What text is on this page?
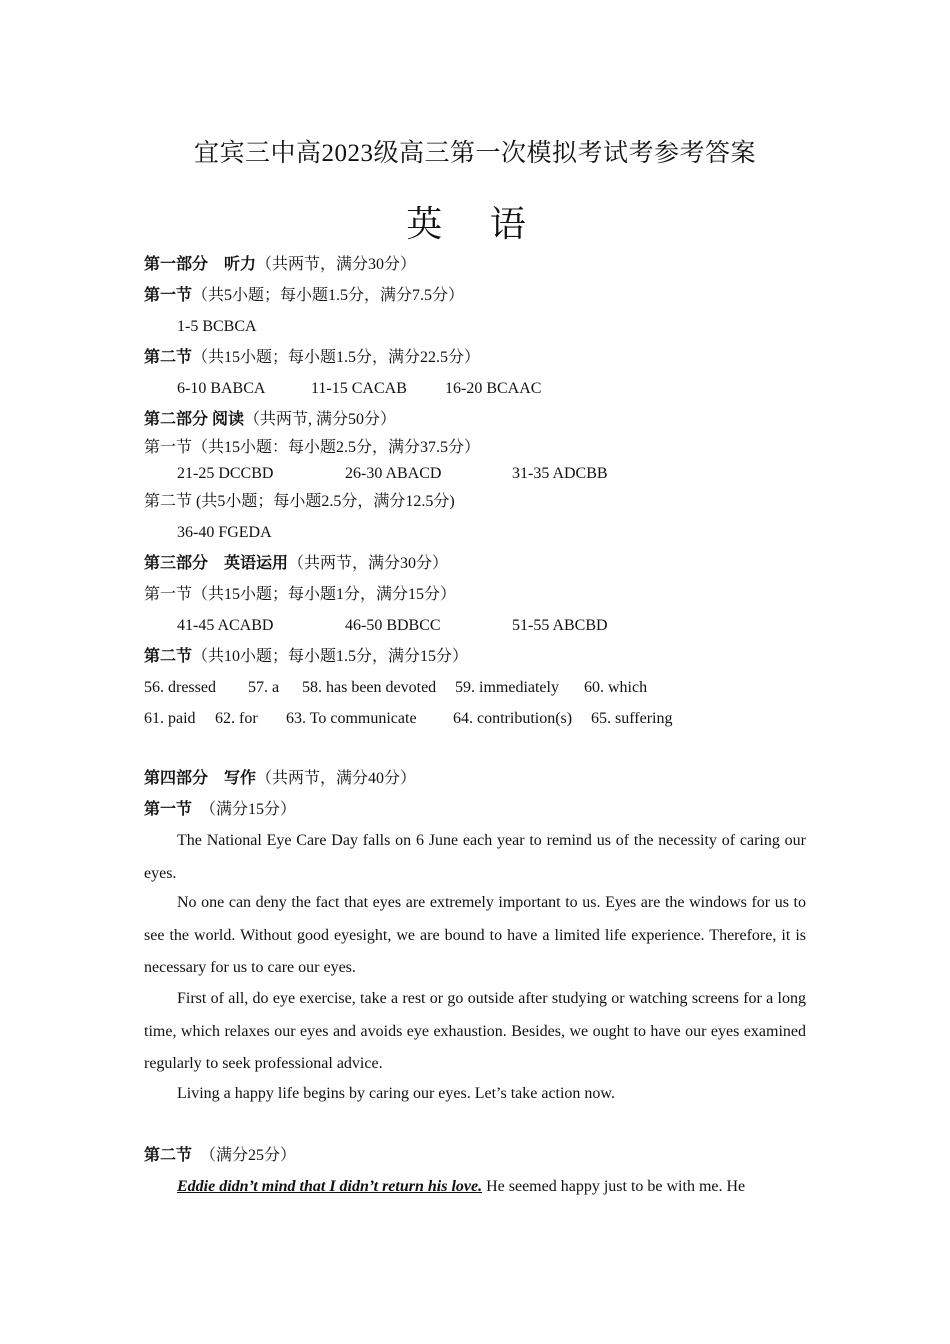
宜宾三中高2023级高三第一次模拟考试考参考答案
英 语
第一部分　听力（共两节，满分30分）
第一节（共5小题；每小题1.5分，满分7.5分）
1-5 BCBCA
第二节（共15小题；每小题1.5分，满分22.5分）
6-10 BABCA	11-15 CACAB 16-20 BCAAC
第二部分 阅读（共两节, 满分50分）
第一节（共15小题：每小题2.5分，满分37.5分）
21-25 DCCBD	26-30 ABACD	31-35 ADCBB
第二节 (共5小题；每小题2.5分，满分12.5分)
36-40 FGEDA
第三部分　英语运用（共两节，满分30分）
第一节（共15小题；每小题1分，满分15分）
41-45 ACABD	46-50 BDBCC	51-55 ABCBD
第二节（共10小题；每小题1.5分，满分15分）
56. dressed 57. a 58. has been devoted 59. immediately 60. which
61. paid 62. for 63. To communicate 64. contribution(s) 65. suffering
第四部分　写作（共两节，满分40分）
第一节　（满分15分）
The National Eye Care Day falls on 6 June each year to remind us of the necessity of caring our eyes.
No one can deny the fact that eyes are extremely important to us. Eyes are the windows for us to see the world. Without good eyesight, we are bound to have a limited life experience. Therefore, it is necessary for us to care our eyes.
First of all, do eye exercise, take a rest or go outside after studying or watching screens for a long time, which relaxes our eyes and avoids eye exhaustion. Besides, we ought to have our eyes examined regularly to seek professional advice.
Living a happy life begins by caring our eyes. Let’s take action now.
第二节　（满分25分）
Eddie didn’t mind that I didn’t return his love. He seemed happy just to be with me. He
